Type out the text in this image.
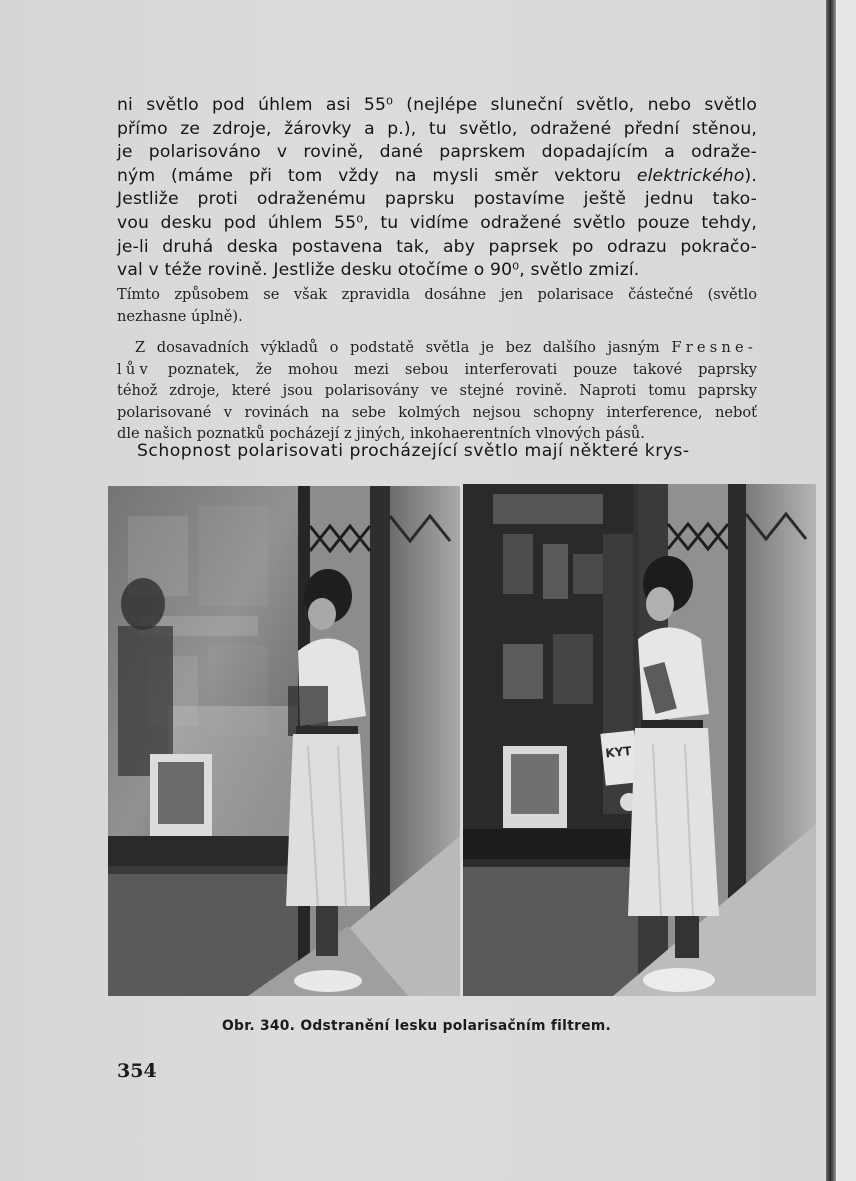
ni světlo pod úhlem asi 55⁰ (nejlépe sluneční světlo, nebo světlo
přímo ze zdroje, žárovky a p.), tu světlo, odražené přední stěnou,
je polarisováno v rovině, dané paprskem dopadajícím a odraže-
ným (máme při tom vždy na mysli směr vektoru elektrického).
Jestliže proti odraženému paprsku postavíme ještě jednu tako-
vou desku pod úhlem 55⁰, tu vidíme odražené světlo pouze tehdy,
je-li druhá deska postavena tak, aby paprsek po odrazu pokračo-
val v téže rovině. Jestliže desku otočíme o 90⁰, světlo zmizí.
Tímto způsobem se však zpravidla dosáhne jen polarisace částečné (světlo
nezhasne úplně).
Z dosavadních výkladů o podstatě světla je bez dalšího jasným Fresne-
lův poznatek, že mohou mezi sebou interferovati pouze takové paprsky
téhož zdroje, které jsou polarisovány ve stejné rovině. Naproti tomu paprsky
polarisované v rovinách na sebe kolmých nejsou schopny interference, neboť
dle našich poznatků pocházejí z jiných, inkohaerentních vlnových pásů.
Schopnost polarisovati procházející světlo mají některé krys-
KYT
Obr. 340. Odstranění lesku polarisačním filtrem.
354
